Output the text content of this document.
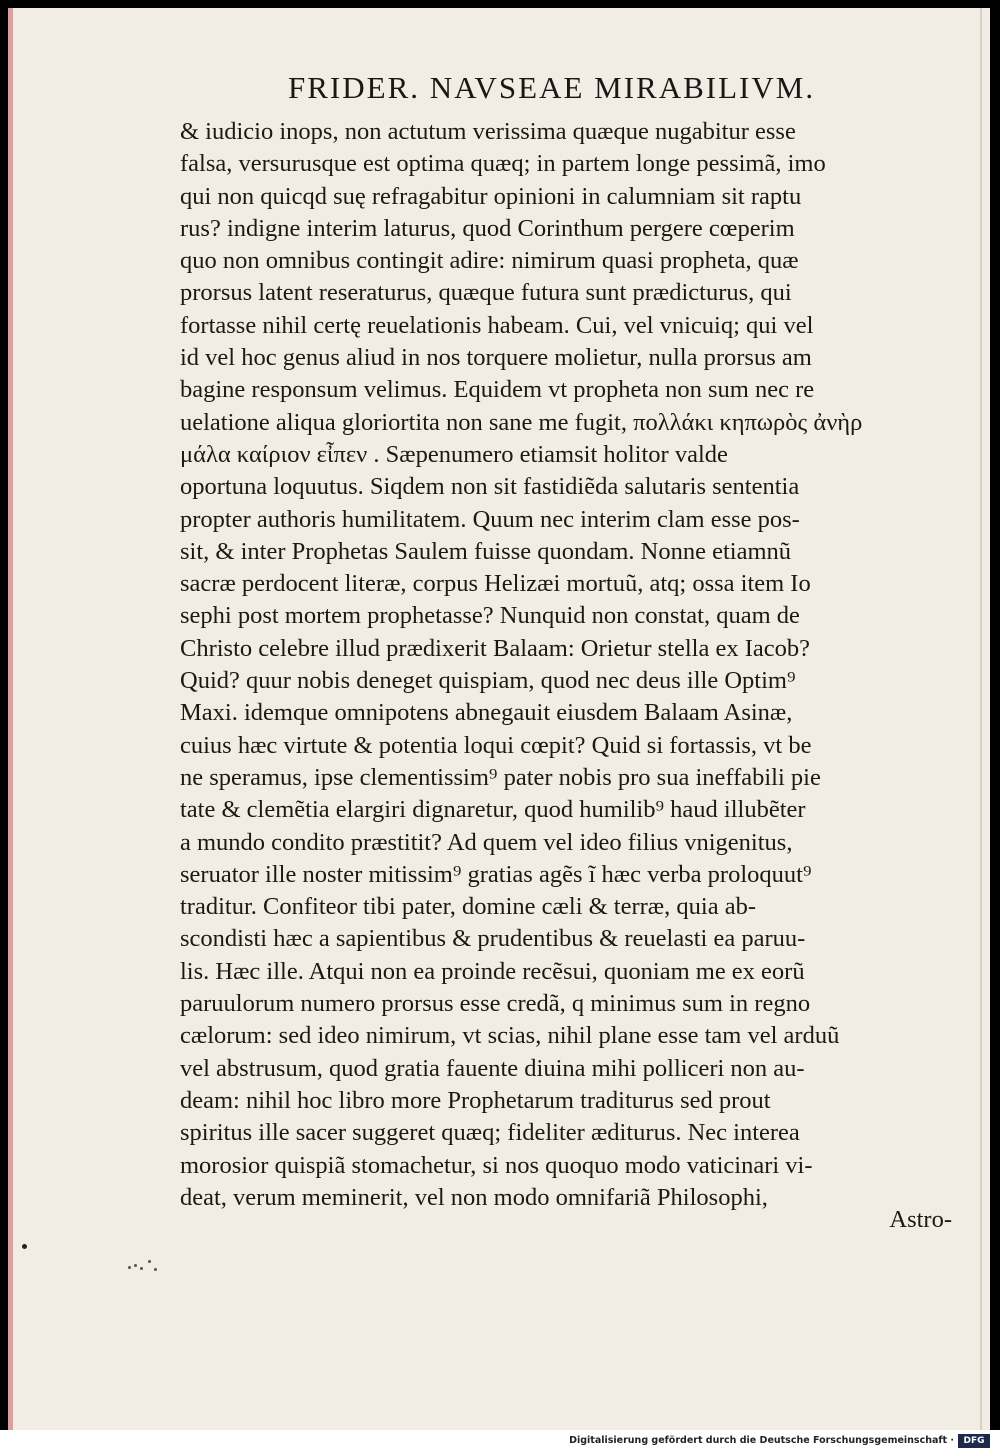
FRIDER. NAVSEAE MIRABILIVM.
& iudicio inops, non actutum verissima quæque nugabitur esse
falsa, versurusque est optima quæq; in partem longe pessimã, imo
qui non quicqd suę refragabitur opinioni in calumniam sit raptu
rus? indigne interim laturus, quod Corinthum pergere cœperim
quo non omnibus contingit adire: nimirum quasi propheta, quæ
prorsus latent reseraturus, quæque futura sunt prædicturus, qui
fortasse nihil certę reuelationis habeam. Cui, vel vnicuiq; qui vel
id vel hoc genus aliud in nos torquere molietur, nulla prorsus am
bagine responsum velimus. Equidem vt propheta non sum nec re
uelatione aliqua gloriortita non sane me fugit, πολλάκι κηπωρὸς ἀνὴρ
μάλα καίριον εἶπεν . Sæpenumero etiamsit holitor valde
oportuna loquutus. Siqdem non sit fastidiẽda salutaris sententia
propter authoris humilitatem. Quum nec interim clam esse pos-
sit, & inter Prophetas Saulem fuisse quondam. Nonne etiamnũ
sacræ perdocent literæ, corpus Helizæi mortuũ, atq; ossa item Io
sephi post mortem prophetasse? Nunquid non constat, quam de
Christo celebre illud prædixerit Balaam: Orietur stella ex Iacob?
Quid? quur nobis deneget quispiam, quod nec deus ille Optim⁹
Maxi. idemque omnipotens abnegauit eiusdem Balaam Asinæ,
cuius hæc virtute & potentia loqui cœpit? Quid si fortassis, vt be
ne speramus, ipse clementissim⁹ pater nobis pro sua ineffabili pie
tate & clemẽtia elargiri dignaretur, quod humilib⁹ haud illubẽter
a mundo condito præstitit? Ad quem vel ideo filius vnigenitus,
seruator ille noster mitissim⁹ gratias agẽs ĩ hæc verba proloquut⁹
traditur. Confiteor tibi pater, domine cæli & terræ, quia ab-
scondisti hæc a sapientibus & prudentibus & reuelasti ea paruu-
lis. Hæc ille. Atqui non ea proinde recẽsui, quoniam me ex eorũ
paruulorum numero prorsus esse credã, q minimus sum in regno
cælorum: sed ideo nimirum, vt scias, nihil plane esse tam vel arduũ
vel abstrusum, quod gratia fauente diuina mihi polliceri non au-
deam: nihil hoc libro more Prophetarum traditurus sed prout
spiritus ille sacer suggeret quæq; fideliter æditurus. Nec interea
morosior quispiã stomachetur, si nos quoquo modo vaticinari vi-
deat, verum meminerit, vel non modo omnifariã Philosophi,
Astro-
Digitalisierung gefördert durch die Deutsche Forschungsgemeinschaft ·	DFG
